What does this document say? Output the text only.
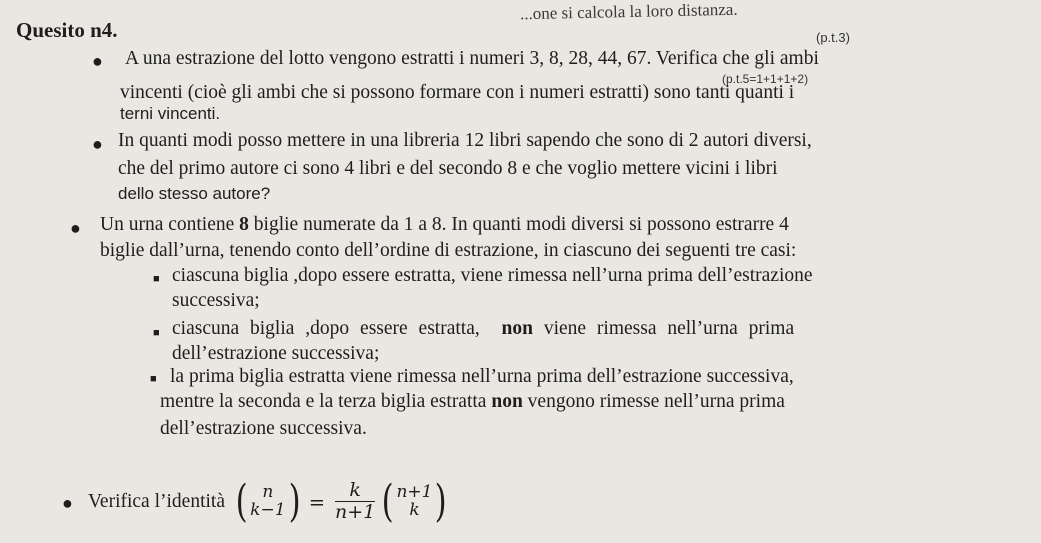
...one si calcola la loro distanza.
Quesito n4.	(p.t.3)
(p.t.5=1+1+1+2)
● A una estrazione del lotto vengono estratti i numeri 3, 8, 28, 44, 67. Verifica che gli ambi
vincenti (cioè gli ambi che si possono formare con i numeri estratti) sono tanti quanti i
terni vincenti.
● In quanti modi posso mettere in una libreria 12 libri sapendo che sono di 2 autori diversi,
che del primo autore ci sono 4 libri e del secondo 8 e che voglio mettere vicini i libri
dello stesso autore?
● Un urna contiene 8 biglie numerate da 1 a 8. In quanti modi diversi si possono estrarre 4
biglie dall’urna, tenendo conto dell’ordine di estrazione, in ciascuno dei seguenti tre casi:
■ ciascuna biglia ,dopo essere estratta, viene rimessa nell’urna prima dell’estrazione
successiva;
■ ciascuna biglia ,dopo essere estratta, non viene rimessa nell’urna prima
dell’estrazione successiva;
■ la prima biglia estratta viene rimessa nell’urna prima dell’estrazione successiva,
mentre la seconda e la terza biglia estratta non vengono rimesse nell’urna prima
dell’estrazione successiva.
● Verifica l’identità ( n
k−1 ) = $\frac{k}{n+1}$ ( n+1
k )
